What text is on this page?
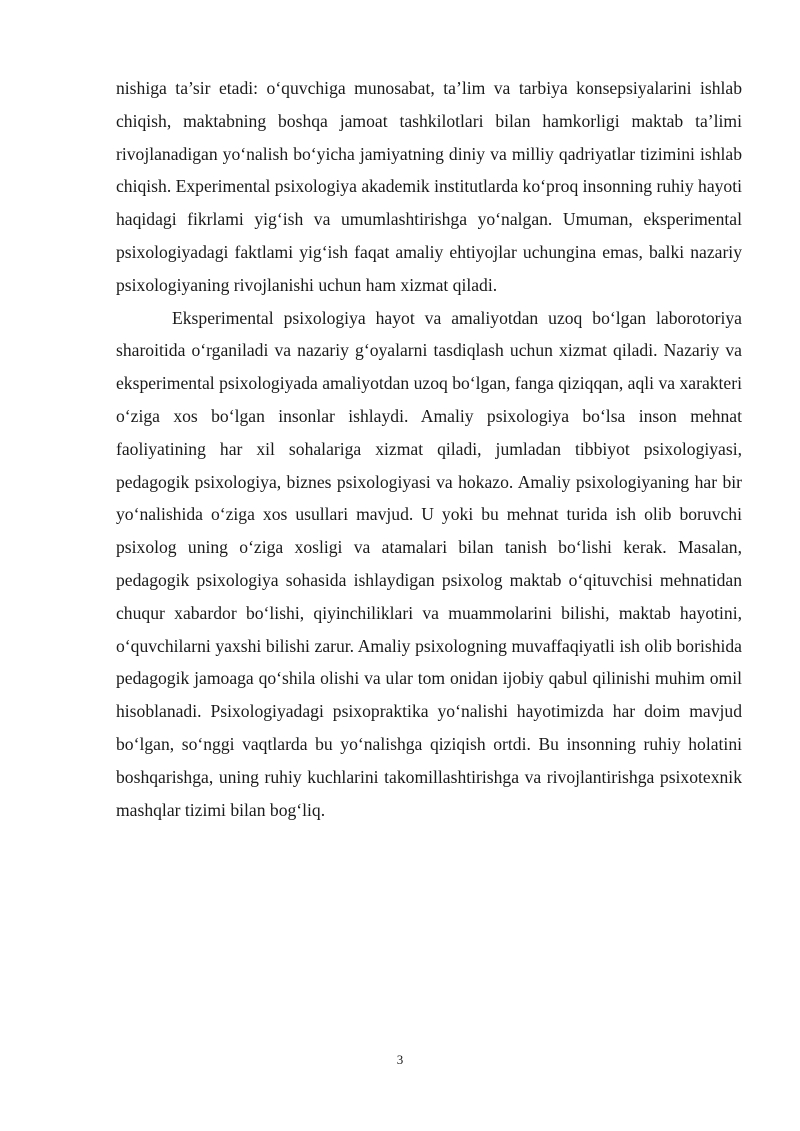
nishiga ta’sir etadi: o‘quvchiga munosabat, ta’lim va tarbiya konsepsiyalarini ishlab chiqish, maktabning boshqa jamoat tashkilotlari bilan hamkorligi maktab ta’limi rivojlanadigan yo‘nalish bo‘yicha jamiyatning diniy va milliy qadriyatlar tizimini ishlab chiqish. Experimental psixologiya akademik institutlarda ko‘proq insonning ruhiy hayoti haqidagi fikrlami yig‘ish va umumlashtirishga yo‘nalgan. Umuman, eksperimental psixologiyadagi faktlami yig‘ish faqat amaliy ehtiyojlar uchungina emas, balki nazariy psixologiyaning rivojlanishi uchun ham xizmat qiladi.

Eksperimental psixologiya hayot va amaliyotdan uzoq bo‘lgan laborotoriya sharoitida o‘rganiladi va nazariy g‘oyalarni tasdiqlash uchun xizmat qiladi. Nazariy va eksperimental psixologiyada amaliyotdan uzoq bo‘lgan, fanga qiziqqan, aqli va xarakteri o‘ziga xos bo‘lgan insonlar ishlaydi. Amaliy psixologiya bo‘lsa inson mehnat faoliyatining har xil sohalariga xizmat qiladi, jumladan tibbiyot psixologiyasi, pedagogik psixologiya, biznes psixologiyasi va hokazo. Amaliy psixologiyaning har bir yo‘nalishida o‘ziga xos usullari mavjud. U yoki bu mehnat turida ish olib boruvchi psixolog uning o‘ziga xosligi va atamalari bilan tanish bo‘lishi kerak. Masalan, pedagogik psixologiya sohasida ishlaydigan psixolog maktab o‘qituvchisi mehnatidan chuqur xabardor bo‘lishi, qiyinchiliklari va muammolarini bilishi, maktab hayotini, o‘quvchilarni yaxshi bilishi zarur. Amaliy psixologning muvaffaqiyatli ish olib borishida pedagogik jamoaga qo‘shila olishi va ular tom onidan ijobiy qabul qilinishi muhim omil hisoblanadi. Psixologiyadagi psixopraktika yo‘nalishi hayotimizda har doim mavjud bo‘lgan, so‘nggi vaqtlarda bu yo‘nalishga qiziqish ortdi. Bu insonning ruhiy holatini boshqarishga, uning ruhiy kuchlarini takomillashtirishga va rivojlantirishga psixotexnik mashqlar tizimi bilan bog‘liq.

3
